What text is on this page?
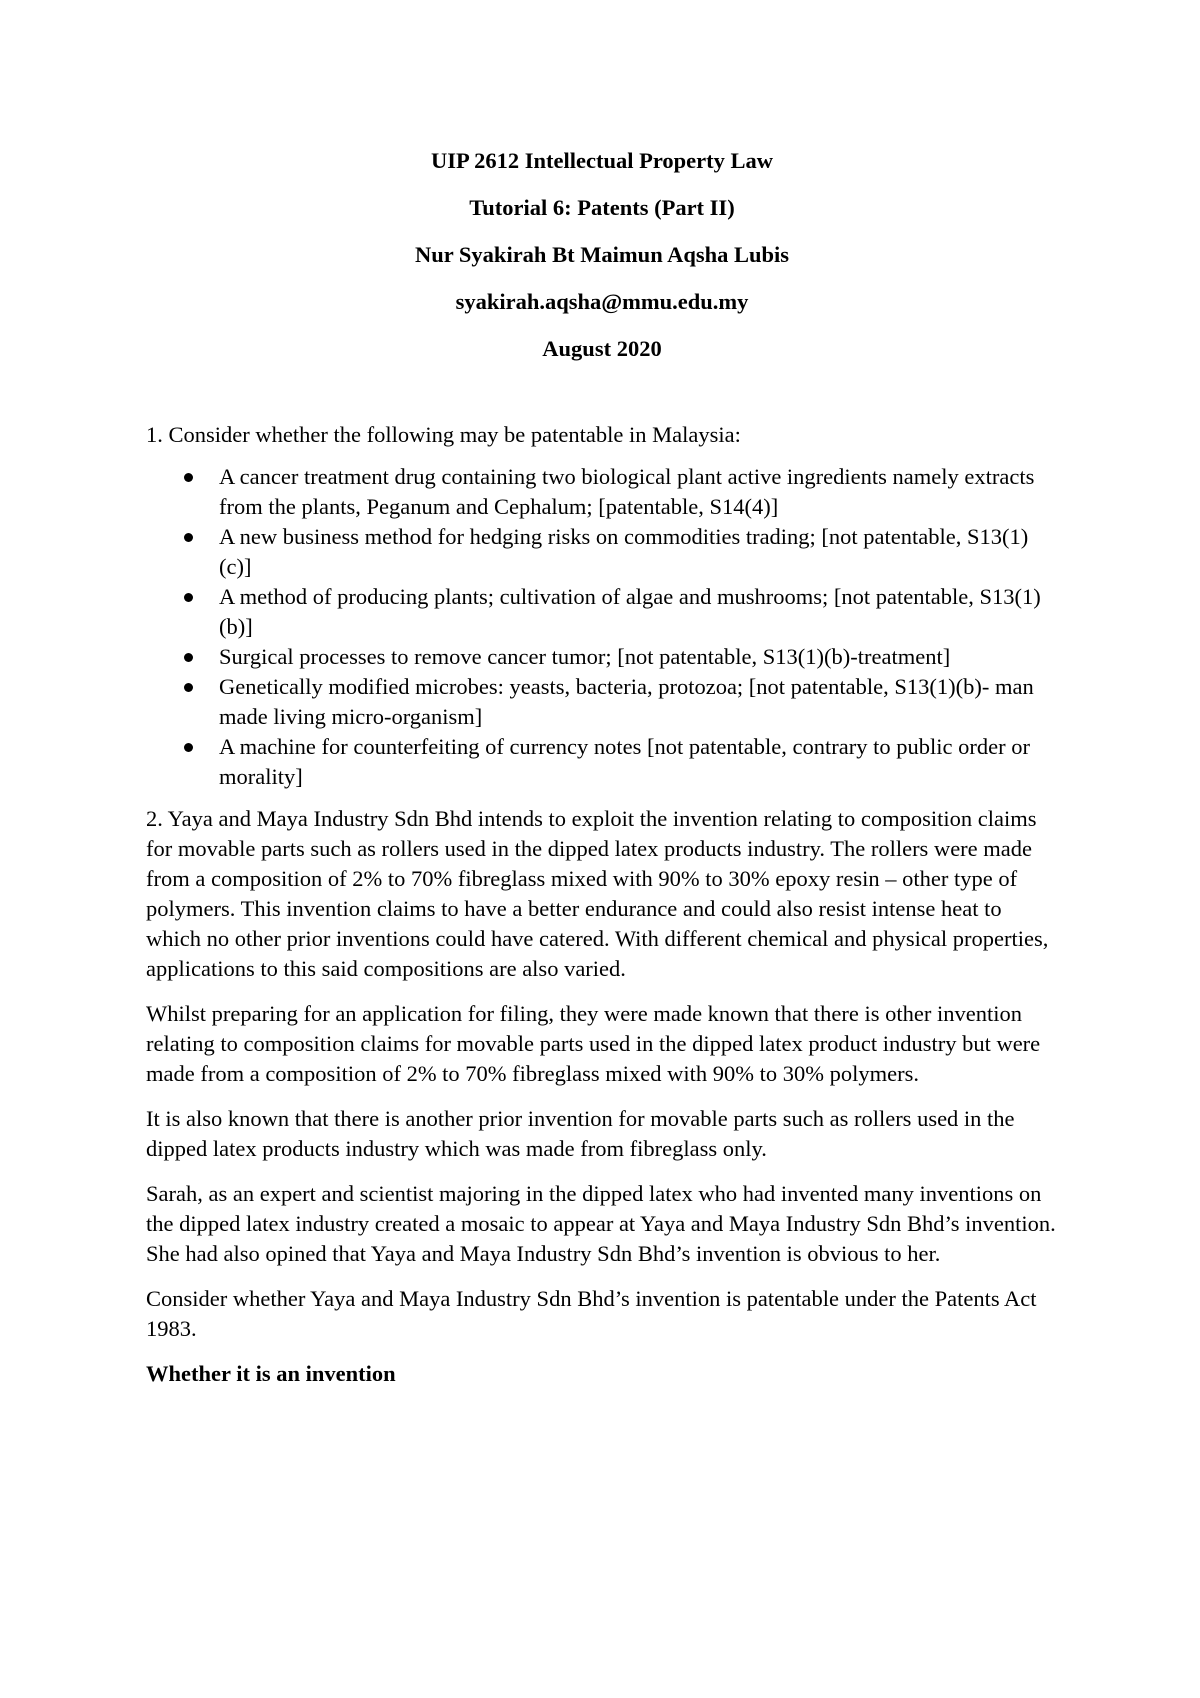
UIP 2612 Intellectual Property Law
Tutorial 6: Patents (Part II)
Nur Syakirah Bt Maimun Aqsha Lubis
syakirah.aqsha@mmu.edu.my
August 2020

1. Consider whether the following may be patentable in Malaysia:

A cancer treatment drug containing two biological plant active ingredients namely extracts from the plants, Peganum and Cephalum; [patentable, S14(4)]
A new business method for hedging risks on commodities trading; [not patentable, S13(1)(c)]
A method of producing plants; cultivation of algae and mushrooms; [not patentable, S13(1)(b)]
Surgical processes to remove cancer tumor; [not patentable, S13(1)(b)-treatment]
Genetically modified microbes: yeasts, bacteria, protozoa; [not patentable, S13(1)(b)- man made living micro-organism]
A machine for counterfeiting of currency notes [not patentable, contrary to public order or morality]

2. Yaya and Maya Industry Sdn Bhd intends to exploit the invention relating to composition claims for movable parts such as rollers used in the dipped latex products industry. The rollers were made from a composition of 2% to 70% fibreglass mixed with 90% to 30% epoxy resin – other type of polymers. This invention claims to have a better endurance and could also resist intense heat to which no other prior inventions could have catered. With different chemical and physical properties, applications to this said compositions are also varied.

Whilst preparing for an application for filing, they were made known that there is other invention relating to composition claims for movable parts used in the dipped latex product industry but were made from a composition of 2% to 70% fibreglass mixed with 90% to 30% polymers.

It is also known that there is another prior invention for movable parts such as rollers used in the dipped latex products industry which was made from fibreglass only.

Sarah, as an expert and scientist majoring in the dipped latex who had invented many inventions on the dipped latex industry created a mosaic to appear at Yaya and Maya Industry Sdn Bhd’s invention. She had also opined that Yaya and Maya Industry Sdn Bhd’s invention is obvious to her.

Consider whether Yaya and Maya Industry Sdn Bhd’s invention is patentable under the Patents Act 1983.

Whether it is an invention
